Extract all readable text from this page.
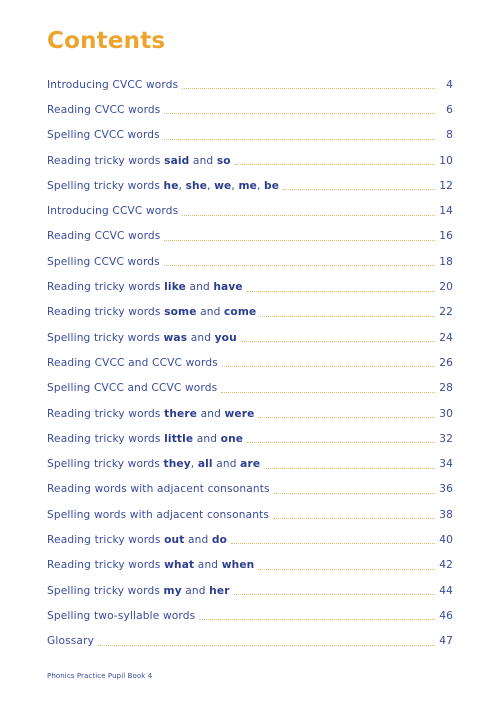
Contents
Introducing CVCC words	4
Reading CVCC words	6
Spelling CVCC words	8
Reading tricky words said and so	10
Spelling tricky words he, she, we, me, be	12
Introducing CCVC words	14
Reading CCVC words	16
Spelling CCVC words	18
Reading tricky words like and have	20
Reading tricky words some and come	22
Spelling tricky words was and you	24
Reading CVCC and CCVC words	26
Spelling CVCC and CCVC words	28
Reading tricky words there and were	30
Reading tricky words little and one	32
Spelling tricky words they, all and are	34
Reading words with adjacent consonants	36
Spelling words with adjacent consonants	38
Reading tricky words out and do	40
Reading tricky words what and when	42
Spelling tricky words my and her	44
Spelling two-syllable words	46
Glossary	47
Phonics Practice Pupil Book 4
